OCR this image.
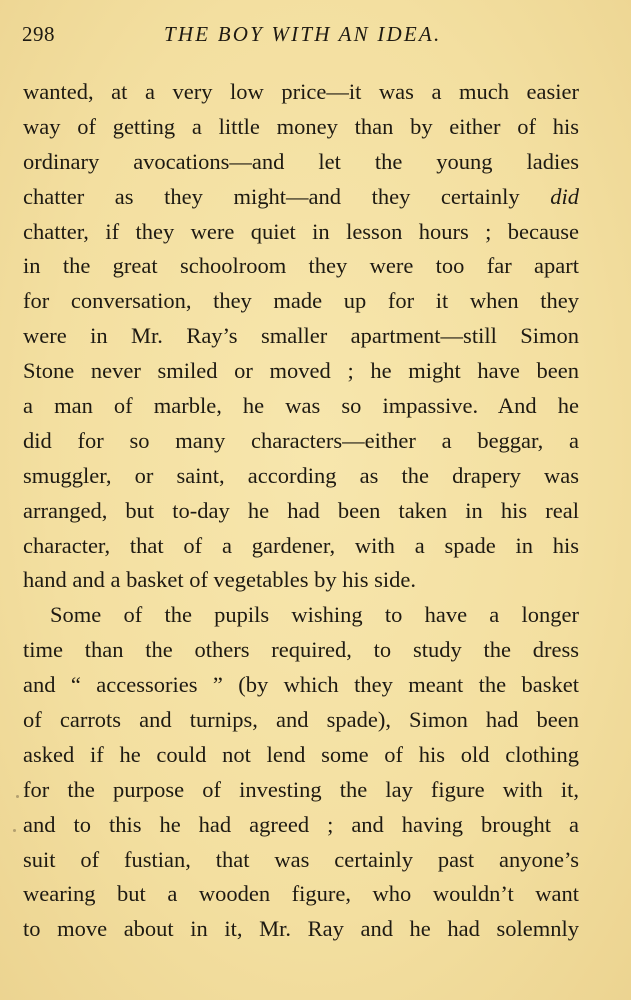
298	THE BOY WITH AN IDEA.
wanted, at a very low price—it was a much easier
way of getting a little money than by either of his
ordinary avocations—and let the young ladies
chatter as they might—and they certainly did
chatter, if they were quiet in lesson hours ; because
in the great schoolroom they were too far apart
for conversation, they made up for it when they
were in Mr. Ray’s smaller apartment—still Simon
Stone never smiled or moved ; he might have been
a man of marble, he was so impassive. And he
did for so many characters—either a beggar, a
smuggler, or saint, according as the drapery was
arranged, but to-day he had been taken in his real
character, that of a gardener, with a spade in his
hand and a basket of vegetables by his side.
Some of the pupils wishing to have a longer
time than the others required, to study the dress
and “ accessories ” (by which they meant the basket
of carrots and turnips, and spade), Simon had been
asked if he could not lend some of his old clothing
for the purpose of investing the lay figure with it,
and to this he had agreed ; and having brought a
suit of fustian, that was certainly past anyone’s
wearing but a wooden figure, who wouldn’t want
to move about in it, Mr. Ray and he had solemnly
